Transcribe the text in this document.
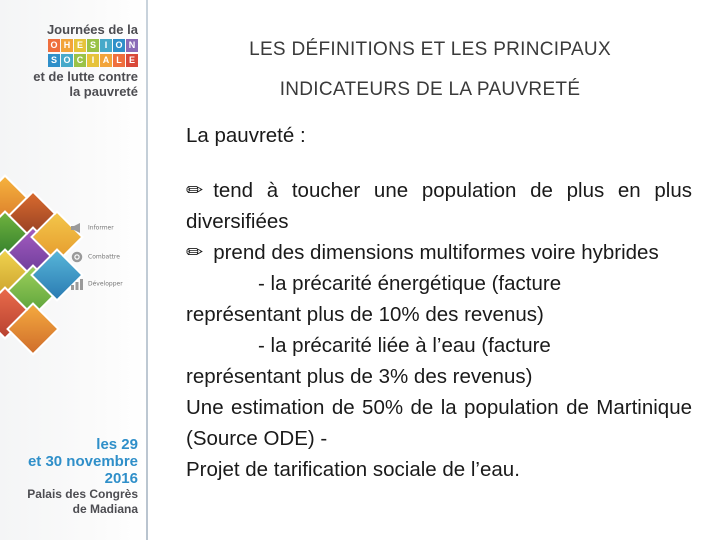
Journées de la
O H E S I O N
S O C I A L E
et de lutte contre
la pauvreté
Informer
Combattre
Développer
les 29
et 30 novembre 2016
Palais des Congrès
de Madiana
LES DÉFINITIONS ET LES PRINCIPAUX
INDICATEURS DE LA PAUVRETÉ

La pauvreté :

✏ tend à toucher une population de plus en plus diversifiées

✏ prend des dimensions multiformes voire hybrides

- la précarité énergétique (facture

représentant plus de 10% des revenus)

- la précarité liée à l’eau (facture

représentant plus de 3% des revenus)

Une estimation de 50% de la population de Martinique (Source ODE) -

Projet de tarification sociale de l’eau.
